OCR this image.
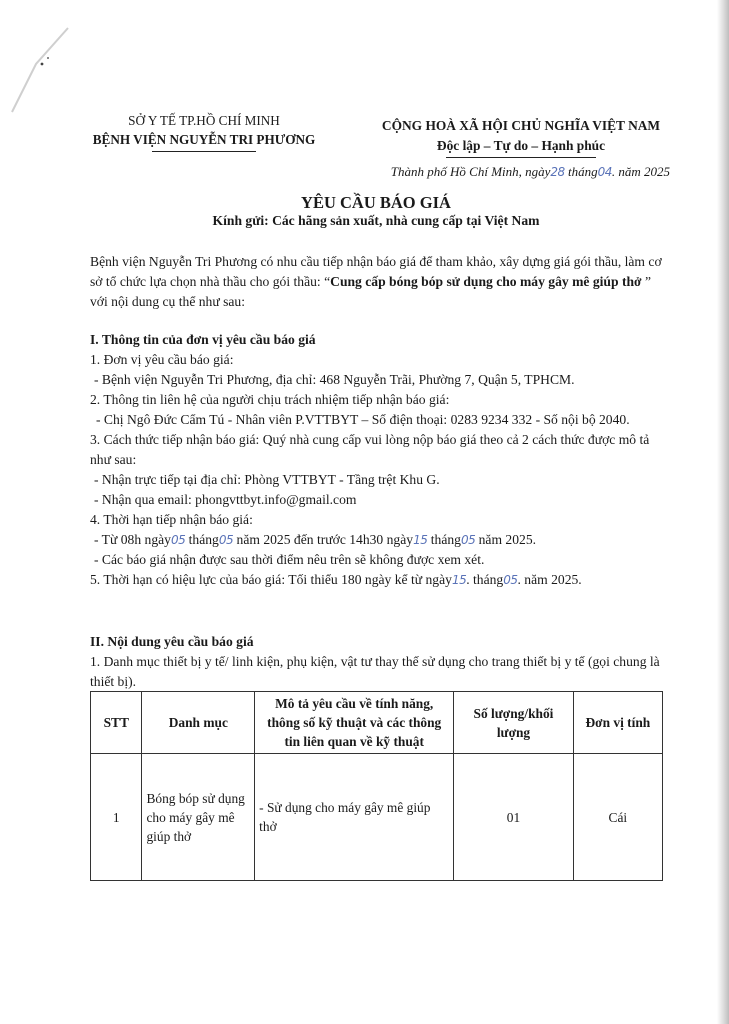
SỞ Y TẾ TP.HỒ CHÍ MINH
BỆNH VIỆN NGUYỄN TRI PHƯƠNG
CỘNG HOÀ XÃ HỘI CHỦ NGHĨA VIỆT NAM
Độc lập – Tự do – Hạnh phúc
Thành phố Hồ Chí Minh, ngày28 tháng04. năm 2025
YÊU CẦU BÁO GIÁ
Kính gửi: Các hãng sản xuất, nhà cung cấp tại Việt Nam
Bệnh viện Nguyễn Tri Phương có nhu cầu tiếp nhận báo giá để tham khảo, xây dựng giá gói thầu, làm cơ sở tổ chức lựa chọn nhà thầu cho gói thầu: “Cung cấp bóng bóp sử dụng cho máy gây mê giúp thở ” với nội dung cụ thể như sau:
I. Thông tin của đơn vị yêu cầu báo giá
1. Đơn vị yêu cầu báo giá:
- Bệnh viện Nguyễn Tri Phương, địa chỉ: 468 Nguyễn Trãi, Phường 7, Quận 5, TPHCM.
2. Thông tin liên hệ của người chịu trách nhiệm tiếp nhận báo giá:
- Chị Ngô Đức Cẩm Tú - Nhân viên P.VTTBYT – Số điện thoại: 0283 9234 332 - Số nội bộ 2040.
3. Cách thức tiếp nhận báo giá: Quý nhà cung cấp vui lòng nộp báo giá theo cả 2 cách thức được mô tả như sau:
- Nhận trực tiếp tại địa chỉ: Phòng VTTBYT - Tầng trệt Khu G.
- Nhận qua email: phongvttbyt.info@gmail.com
4. Thời hạn tiếp nhận báo giá:
- Từ 08h ngày05 tháng05 năm 2025 đến trước 14h30 ngày15 tháng05 năm 2025.
- Các báo giá nhận được sau thời điểm nêu trên sẽ không được xem xét.
5. Thời hạn có hiệu lực của báo giá: Tối thiểu 180 ngày kể từ ngày15. tháng05. năm 2025.
II. Nội dung yêu cầu báo giá
1. Danh mục thiết bị y tế/ linh kiện, phụ kiện, vật tư thay thế sử dụng cho trang thiết bị y tế (gọi chung là thiết bị).
STT	Danh mục	Mô tả yêu cầu về tính năng, thông số kỹ thuật và các thông tin liên quan về kỹ thuật	Số lượng/khối lượng	Đơn vị tính
1	Bóng bóp sử dụng cho máy gây mê giúp thở	- Sử dụng cho máy gây mê giúp thở	01	Cái
